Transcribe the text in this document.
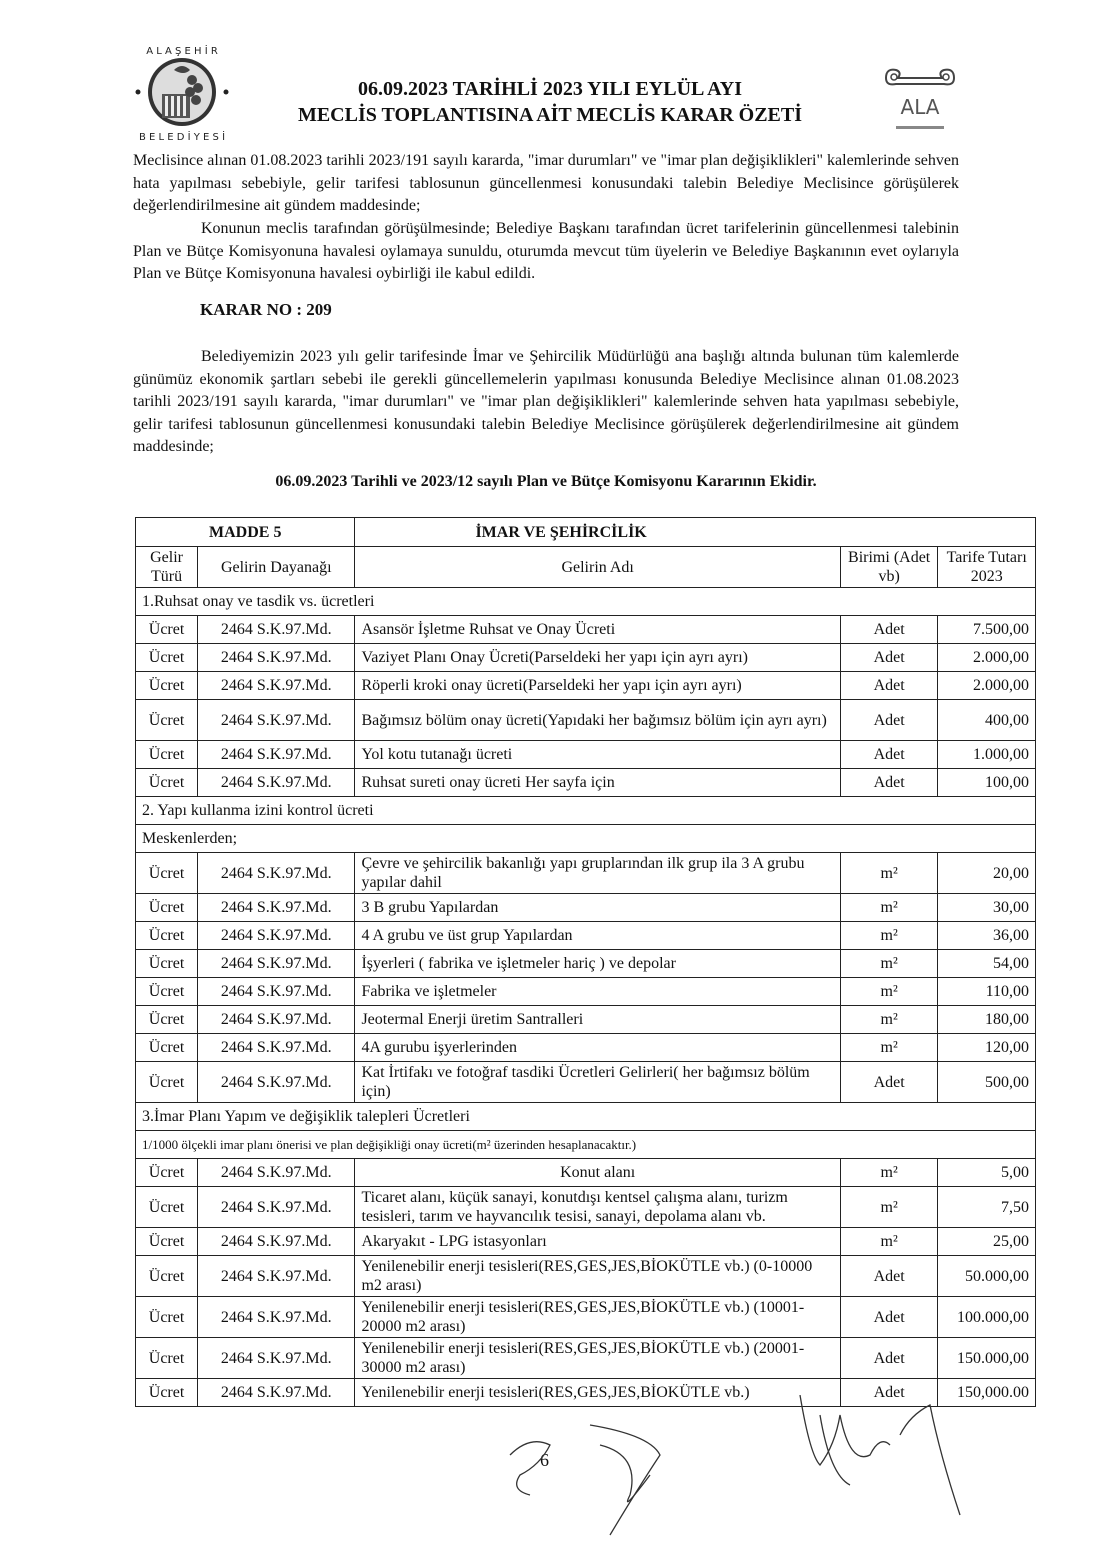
A L A Ş E H İ R
B E L E D İ Y E S İ
06.09.2023 TARİHLİ 2023 YILI EYLÜL AYI
MECLİS TOPLANTISINA AİT MECLİS KARAR ÖZETİ	ALA
Meclisince alınan 01.08.2023 tarihli 2023/191 sayılı kararda, "imar durumları" ve "imar plan değişiklikleri" kalemlerinde sehven hata yapılması sebebiyle, gelir tarifesi tablosunun güncellenmesi konusundaki talebin Belediye Meclisince görüşülerek değerlendirilmesine ait gündem maddesinde;
Konunun meclis tarafından görüşülmesinde; Belediye Başkanı tarafından ücret tarifelerinin güncellenmesi talebinin Plan ve Bütçe Komisyonuna havalesi oylamaya sunuldu, oturumda mevcut tüm üyelerin ve Belediye Başkanının evet oylarıyla Plan ve Bütçe Komisyonuna havalesi oybirliği ile kabul edildi.
KARAR NO : 209
Belediyemizin 2023 yılı gelir tarifesinde İmar ve Şehircilik Müdürlüğü ana başlığı altında bulunan tüm kalemlerde günümüz ekonomik şartları sebebi ile gerekli güncellemelerin yapılması konusunda Belediye Meclisince alınan 01.08.2023 tarihli 2023/191 sayılı kararda, "imar durumları" ve "imar plan değişiklikleri" kalemlerinde sehven hata yapılması sebebiyle, gelir tarifesi tablosunun güncellenmesi konusundaki talebin Belediye Meclisince görüşülerek değerlendirilmesine ait gündem maddesinde;
06.09.2023 Tarihli ve 2023/12 sayılı Plan ve Bütçe Komisyonu Kararının Ekidir.
MADDE 5		İMAR VE ŞEHİRCİLİK		
Gelir Türü	Gelirin Dayanağı	Gelirin Adı	Birimi (Adet vb)	Tarife Tutarı 2023
1.Ruhsat onay ve tasdik vs. ücretleri				
Ücret	2464 S.K.97.Md.	Asansör İşletme Ruhsat ve Onay Ücreti	Adet	7.500,00
Ücret	2464 S.K.97.Md.	Vaziyet Planı Onay Ücreti(Parseldeki her yapı için ayrı ayrı)	Adet	2.000,00
Ücret	2464 S.K.97.Md.	Röperli kroki onay ücreti(Parseldeki her yapı için ayrı ayrı)	Adet	2.000,00
Ücret	2464 S.K.97.Md.	Bağımsız bölüm onay ücreti(Yapıdaki her bağımsız bölüm için ayrı ayrı)	Adet	400,00
Ücret	2464 S.K.97.Md.	Yol kotu tutanağı ücreti	Adet	1.000,00
Ücret	2464 S.K.97.Md.	Ruhsat sureti onay ücreti Her sayfa için	Adet	100,00
2. Yapı kullanma izini kontrol ücreti				
Meskenlerden;				
Ücret	2464 S.K.97.Md.	Çevre ve şehircilik bakanlığı yapı gruplarından ilk grup ila 3 A grubu yapılar dahil	m²	20,00
Ücret	2464 S.K.97.Md.	3 B grubu Yapılardan	m²	30,00
Ücret	2464 S.K.97.Md.	4 A grubu ve üst grup Yapılardan	m²	36,00
Ücret	2464 S.K.97.Md.	İşyerleri ( fabrika ve işletmeler hariç ) ve depolar	m²	54,00
Ücret	2464 S.K.97.Md.	Fabrika ve işletmeler	m²	110,00
Ücret	2464 S.K.97.Md.	Jeotermal Enerji üretim Santralleri	m²	180,00
Ücret	2464 S.K.97.Md.	4A gurubu işyerlerinden	m²	120,00
Ücret	2464 S.K.97.Md.	Kat İrtifakı ve fotoğraf tasdiki Ücretleri Gelirleri( her bağımsız bölüm için)	Adet	500,00
3.İmar Planı Yapım ve değişiklik talepleri Ücretleri				
1/1000 ölçekli imar planı önerisi ve plan değişikliği onay ücreti(m² üzerinden hesaplanacaktır.)				
Ücret	2464 S.K.97.Md.	Konut alanı	m²	5,00
Ücret	2464 S.K.97.Md.	Ticaret alanı, küçük sanayi, konutdışı kentsel çalışma alanı, turizm tesisleri, tarım ve hayvancılık tesisi, sanayi, depolama alanı vb.	m²	7,50
Ücret	2464 S.K.97.Md.	Akaryakıt - LPG istasyonları	m²	25,00
Ücret	2464 S.K.97.Md.	Yenilenebilir enerji tesisleri(RES,GES,JES,BİOKÜTLE vb.) (0-10000 m2 arası)	Adet	50.000,00
Ücret	2464 S.K.97.Md.	Yenilenebilir enerji tesisleri(RES,GES,JES,BİOKÜTLE vb.) (10001-20000 m2 arası)	Adet	100.000,00
Ücret	2464 S.K.97.Md.	Yenilenebilir enerji tesisleri(RES,GES,JES,BİOKÜTLE vb.) (20001-30000 m2 arası)	Adet	150.000,00
Ücret	2464 S.K.97.Md.	Yenilenebilir enerji tesisleri(RES,GES,JES,BİOKÜTLE vb.)	Adet	150,000.00
6
